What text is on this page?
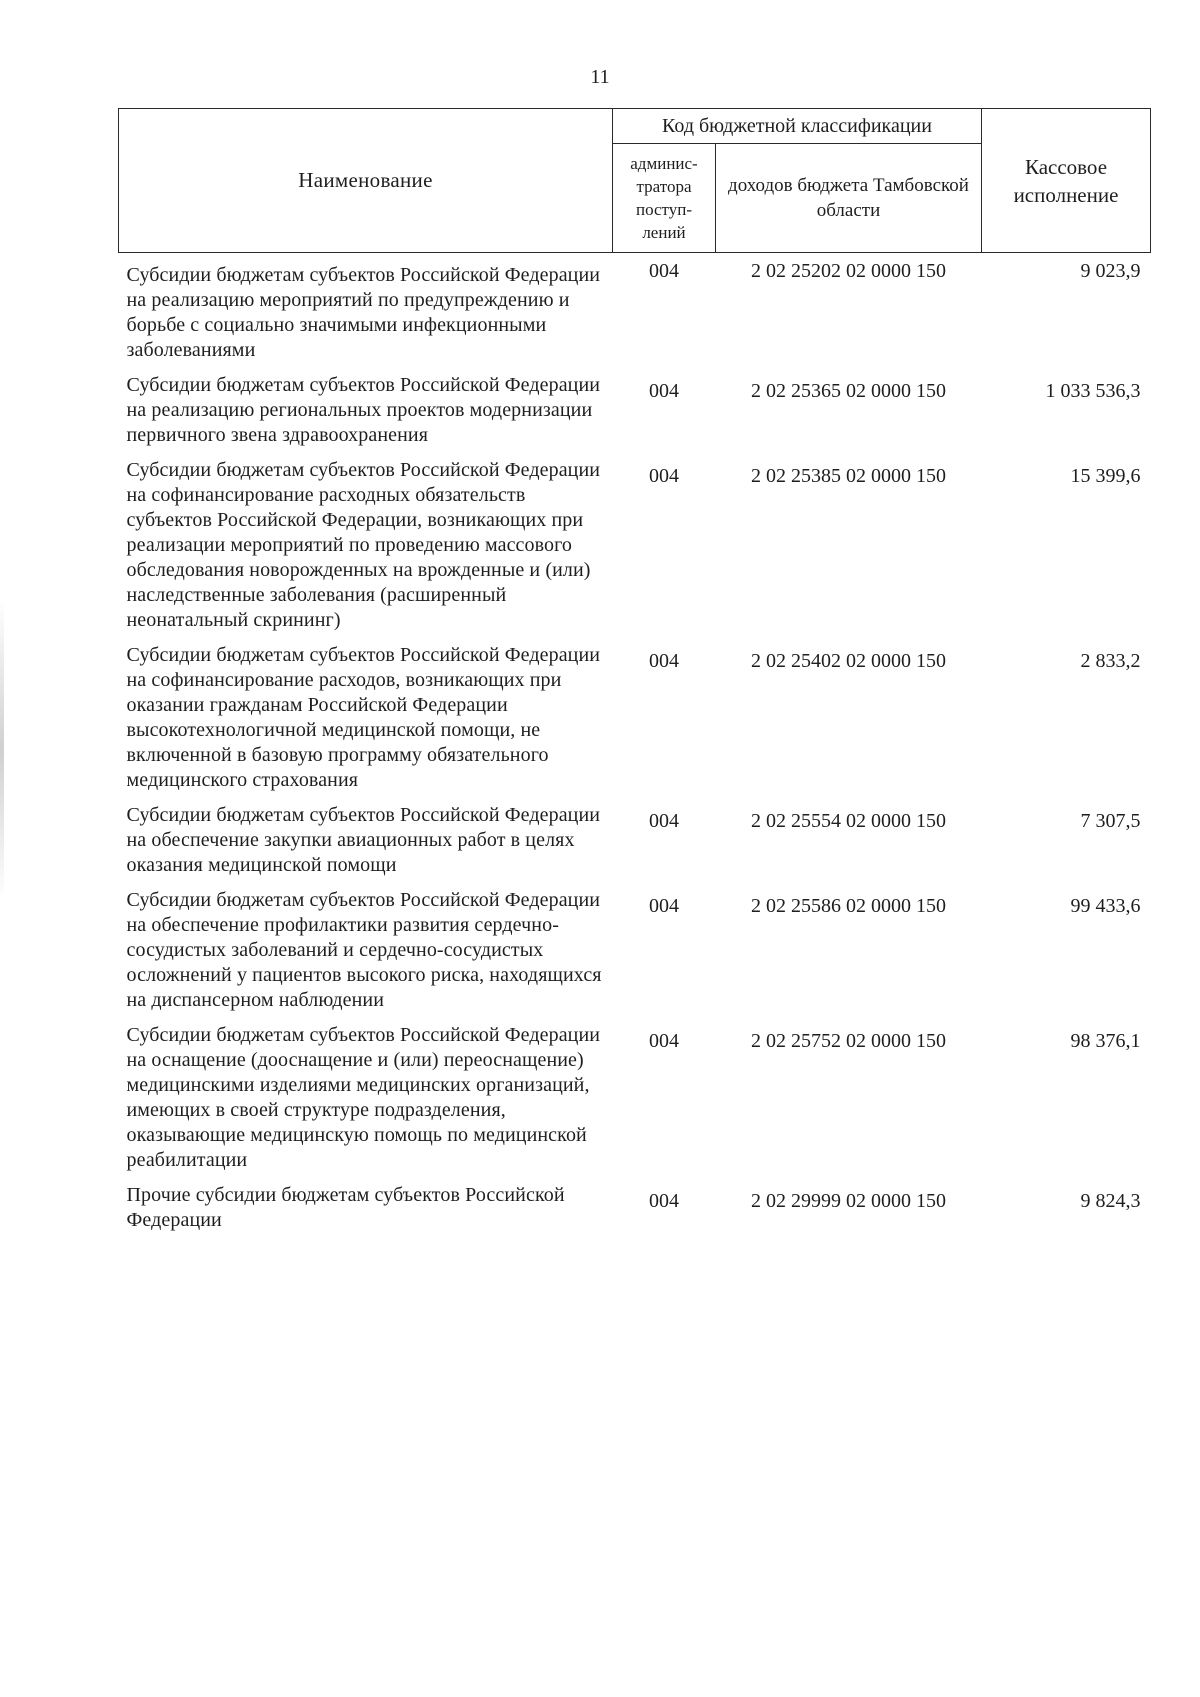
11
Наименование	Код бюджетной классификации		Кассовое исполнение
	админис-тратора поступ-лений	доходов бюджета Тамбовской области	
Субсидии бюджетам субъектов Российской Федерации на реализацию мероприятий по предупреждению и борьбе с социально значимыми инфекционными заболеваниями	004	2 02 25202 02 0000 150	9 023,9
Субсидии бюджетам субъектов Российской Федерации на реализацию региональных проектов модернизации первичного звена здравоохранения	004	2 02 25365 02 0000 150	1 033 536,3
Субсидии бюджетам субъектов Российской Федерации на софинансирование расходных обязательств субъектов Российской Федерации, возникающих при реализации мероприятий по проведению массового обследования новорожденных на врожденные и (или) наследственные заболевания (расширенный неонатальный скрининг)	004	2 02 25385 02 0000 150	15 399,6
Субсидии бюджетам субъектов Российской Федерации на софинансирование расходов, возникающих при оказании гражданам Российской Федерации высокотехнологичной медицинской помощи, не включенной в базовую программу обязательного медицинского страхования	004	2 02 25402 02 0000 150	2 833,2
Субсидии бюджетам субъектов Российской Федерации на обеспечение закупки авиационных работ в целях оказания медицинской помощи	004	2 02 25554 02 0000 150	7 307,5
Субсидии бюджетам субъектов Российской Федерации на обеспечение профилактики развития сердечно-сосудистых заболеваний и сердечно-сосудистых осложнений у пациентов высокого риска, находящихся на диспансерном наблюдении	004	2 02 25586 02 0000 150	99 433,6
Субсидии бюджетам субъектов Российской Федерации на оснащение (дооснащение и (или) переоснащение) медицинскими изделиями медицинских организаций, имеющих в своей структуре подразделения, оказывающие медицинскую помощь по медицинской реабилитации	004	2 02 25752 02 0000 150	98 376,1
Прочие субсидии бюджетам субъектов Российской Федерации	004	2 02 29999 02 0000 150	9 824,3
